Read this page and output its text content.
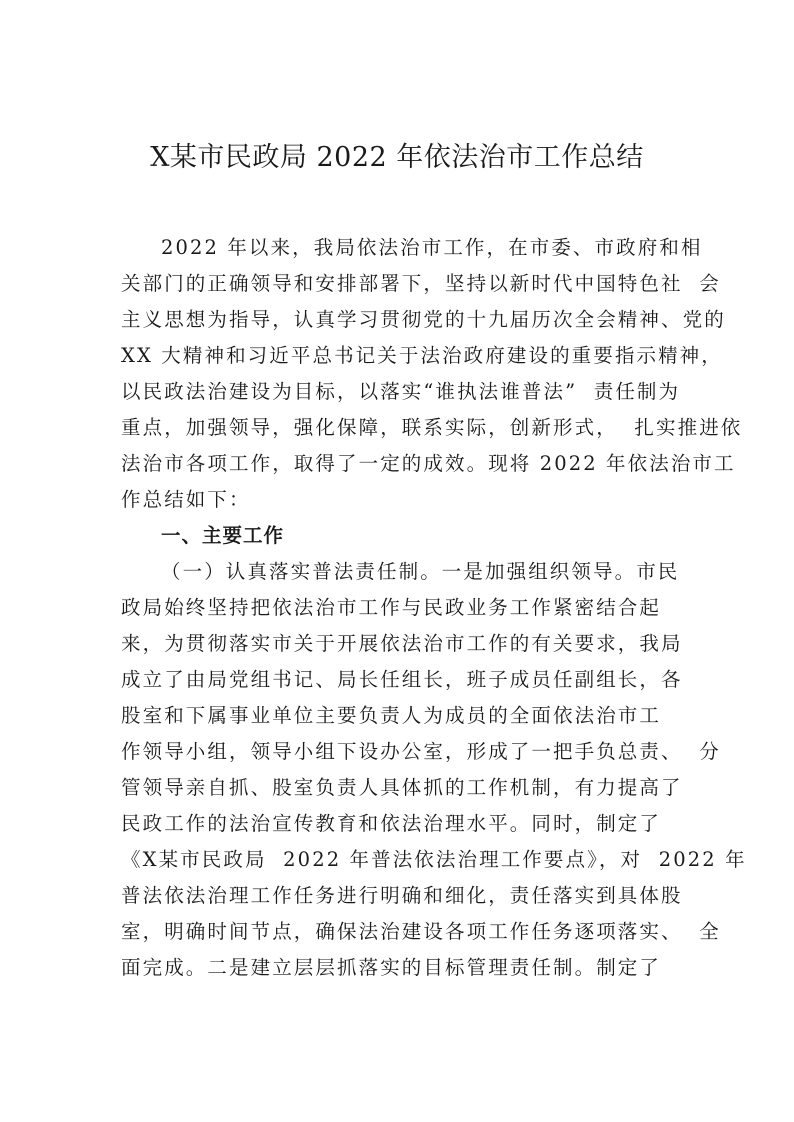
X某市民政局 2022 年依法治市工作总结
2022 年以来，我局依法治市工作，在市委、市政府和相
关部门的正确领导和安排部署下，坚持以新时代中国特色社  会
主义思想为指导，认真学习贯彻党的十九届历次全会精神、党的
XX 大精神和习近平总书记关于法治政府建设的重要指示精神，
以民政法治建设为目标，以落实“谁执法谁普法”  责任制为
重点，加强领导，强化保障，联系实际，创新形式，  扎实推进依
法治市各项工作，取得了一定的成效。现将 2022 年依法治市工
作总结如下：
一、主要工作
（一）认真落实普法责任制。一是加强组织领导。市民
政局始终坚持把依法治市工作与民政业务工作紧密结合起
来，为贯彻落实市关于开展依法治市工作的有关要求，我局
成立了由局党组书记、局长任组长，班子成员任副组长，各
股室和下属事业单位主要负责人为成员的全面依法治市工
作领导小组，领导小组下设办公室，形成了一把手负总责、  分
管领导亲自抓、股室负责人具体抓的工作机制，有力提高了
民政工作的法治宣传教育和依法治理水平。同时，制定了
《X某市民政局  2022 年普法依法治理工作要点》，对  2022 年
普法依法治理工作任务进行明确和细化，责任落实到具体股
室，明确时间节点，确保法治建设各项工作任务逐项落实、  全
面完成。二是建立层层抓落实的目标管理责任制。制定了
